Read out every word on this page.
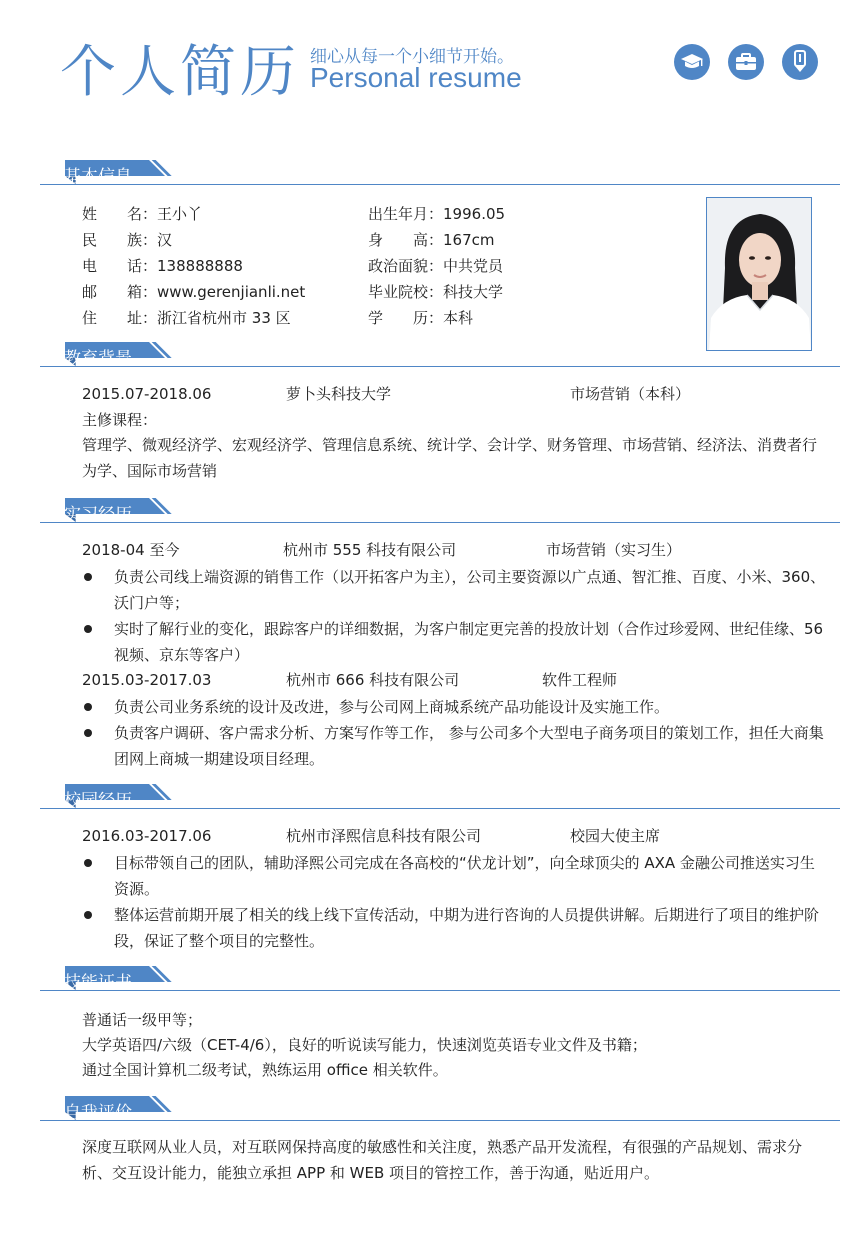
个人简历 细心从每一个小细节开始。
Personal resume
基本信息
姓　　名：王小丫
民　　族：汉
电　　话：138888888
邮　　箱：www.gerenjianli.net
住　　址：浙江省杭州市 33 区
出生年月：1996.05
身　　高：167cm
政治面貌：中共党员
毕业院校：科技大学
学　　历：本科
教育背景
2015.07-2018.06	萝卜头科技大学	市场营销（本科）
主修课程：
管理学、微观经济学、宏观经济学、管理信息系统、统计学、会计学、财务管理、市场营销、经济法、消费者行为学、国际市场营销
实习经历
2018-04 至今	杭州市 555 科技有限公司	市场营销（实习生）
负责公司线上端资源的销售工作（以开拓客户为主），公司主要资源以广点通、智汇推、百度、小米、360、沃门户等；
实时了解行业的变化，跟踪客户的详细数据，为客户制定更完善的投放计划（合作过珍爱网、世纪佳缘、56 视频、京东等客户）
2015.03-2017.03	杭州市 666 科技有限公司	软件工程师
负责公司业务系统的设计及改进，参与公司网上商城系统产品功能设计及实施工作。
负责客户调研、客户需求分析、方案写作等工作， 参与公司多个大型电子商务项目的策划工作，担任大商集团网上商城一期建设项目经理。
校园经历
2016.03-2017.06	杭州市泽熙信息科技有限公司	校园大使主席
目标带领自己的团队，辅助泽熙公司完成在各高校的“伏龙计划”，向全球顶尖的 AXA 金融公司推送实习生资源。
整体运营前期开展了相关的线上线下宣传活动，中期为进行咨询的人员提供讲解。后期进行了项目的维护阶段，保证了整个项目的完整性。
技能证书
普通话一级甲等；
大学英语四/六级（CET-4/6），良好的听说读写能力，快速浏览英语专业文件及书籍；
通过全国计算机二级考试，熟练运用 office 相关软件。
自我评价
深度互联网从业人员，对互联网保持高度的敏感性和关注度，熟悉产品开发流程，有很强的产品规划、需求分析、交互设计能力，能独立承担 APP 和 WEB 项目的管控工作，善于沟通，贴近用户。
